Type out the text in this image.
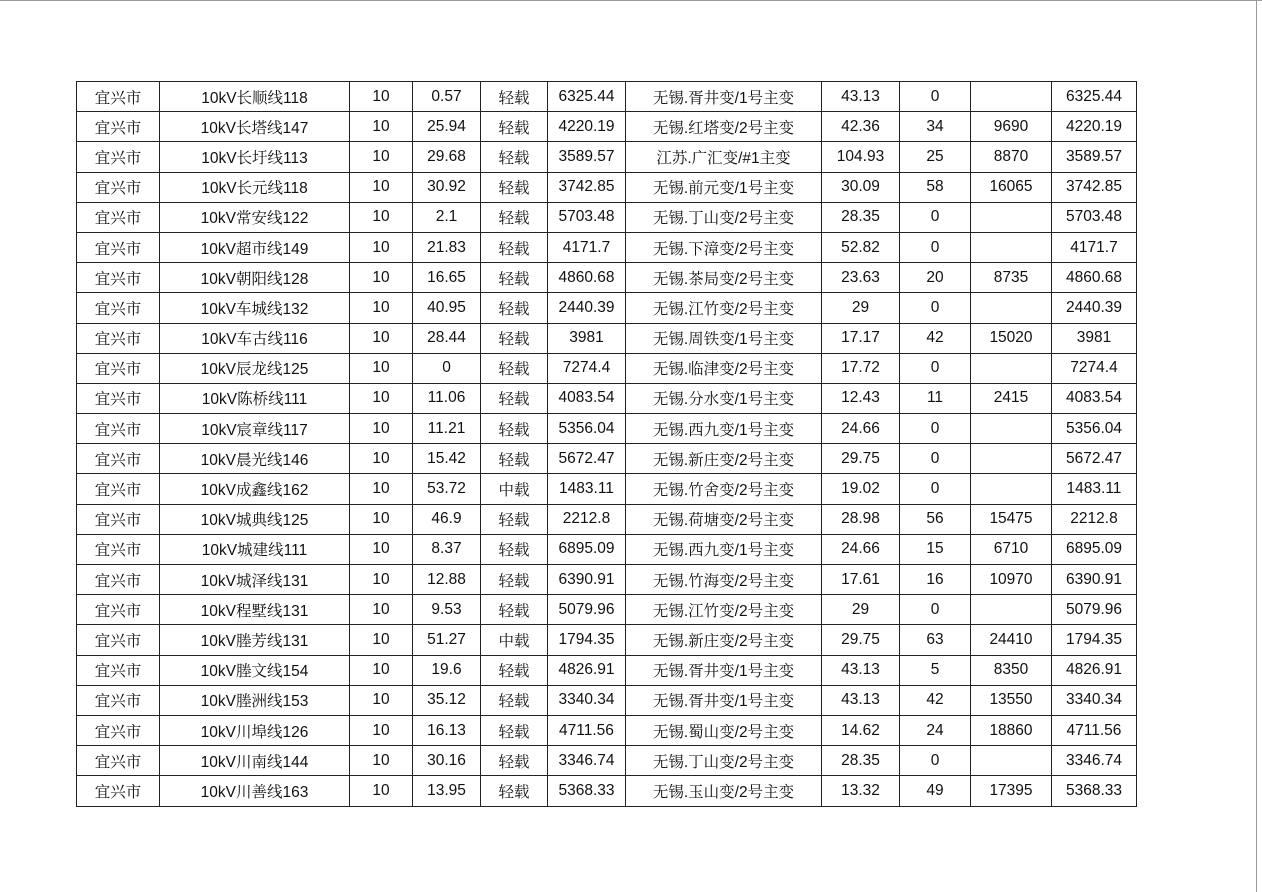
宜兴市	10kV长顺线118	10	0.57	轻载	6325.44	无锡.胥井变/1号主变	43.13	0		6325.44
宜兴市	10kV长塔线147	10	25.94	轻载	4220.19	无锡.红塔变/2号主变	42.36	34	9690	4220.19
宜兴市	10kV长圩线113	10	29.68	轻载	3589.57	江苏.广汇变/#1主变	104.93	25	8870	3589.57
宜兴市	10kV长元线118	10	30.92	轻载	3742.85	无锡.前元变/1号主变	30.09	58	16065	3742.85
宜兴市	10kV常安线122	10	2.1	轻载	5703.48	无锡.丁山变/2号主变	28.35	0		5703.48
宜兴市	10kV超市线149	10	21.83	轻载	4171.7	无锡.下漳变/2号主变	52.82	0		4171.7
宜兴市	10kV朝阳线128	10	16.65	轻载	4860.68	无锡.茶局变/2号主变	23.63	20	8735	4860.68
宜兴市	10kV车城线132	10	40.95	轻载	2440.39	无锡.江竹变/2号主变	29	0		2440.39
宜兴市	10kV车古线116	10	28.44	轻载	3981	无锡.周铁变/1号主变	17.17	42	15020	3981
宜兴市	10kV辰龙线125	10	0	轻载	7274.4	无锡.临津变/2号主变	17.72	0		7274.4
宜兴市	10kV陈桥线111	10	11.06	轻载	4083.54	无锡.分水变/1号主变	12.43	11	2415	4083.54
宜兴市	10kV宸章线117	10	11.21	轻载	5356.04	无锡.西九变/1号主变	24.66	0		5356.04
宜兴市	10kV晨光线146	10	15.42	轻载	5672.47	无锡.新庄变/2号主变	29.75	0		5672.47
宜兴市	10kV成鑫线162	10	53.72	中载	1483.11	无锡.竹舍变/2号主变	19.02	0		1483.11
宜兴市	10kV城典线125	10	46.9	轻载	2212.8	无锡.荷塘变/2号主变	28.98	56	15475	2212.8
宜兴市	10kV城建线111	10	8.37	轻载	6895.09	无锡.西九变/1号主变	24.66	15	6710	6895.09
宜兴市	10kV城泽线131	10	12.88	轻载	6390.91	无锡.竹海变/2号主变	17.61	16	10970	6390.91
宜兴市	10kV程墅线131	10	9.53	轻载	5079.96	无锡.江竹变/2号主变	29	0		5079.96
宜兴市	10kV塍芳线131	10	51.27	中载	1794.35	无锡.新庄变/2号主变	29.75	63	24410	1794.35
宜兴市	10kV塍文线154	10	19.6	轻载	4826.91	无锡.胥井变/1号主变	43.13	5	8350	4826.91
宜兴市	10kV塍洲线153	10	35.12	轻载	3340.34	无锡.胥井变/1号主变	43.13	42	13550	3340.34
宜兴市	10kV川埠线126	10	16.13	轻载	4711.56	无锡.蜀山变/2号主变	14.62	24	18860	4711.56
宜兴市	10kV川南线144	10	30.16	轻载	3346.74	无锡.丁山变/2号主变	28.35	0		3346.74
宜兴市	10kV川善线163	10	13.95	轻载	5368.33	无锡.玉山变/2号主变	13.32	49	17395	5368.33
